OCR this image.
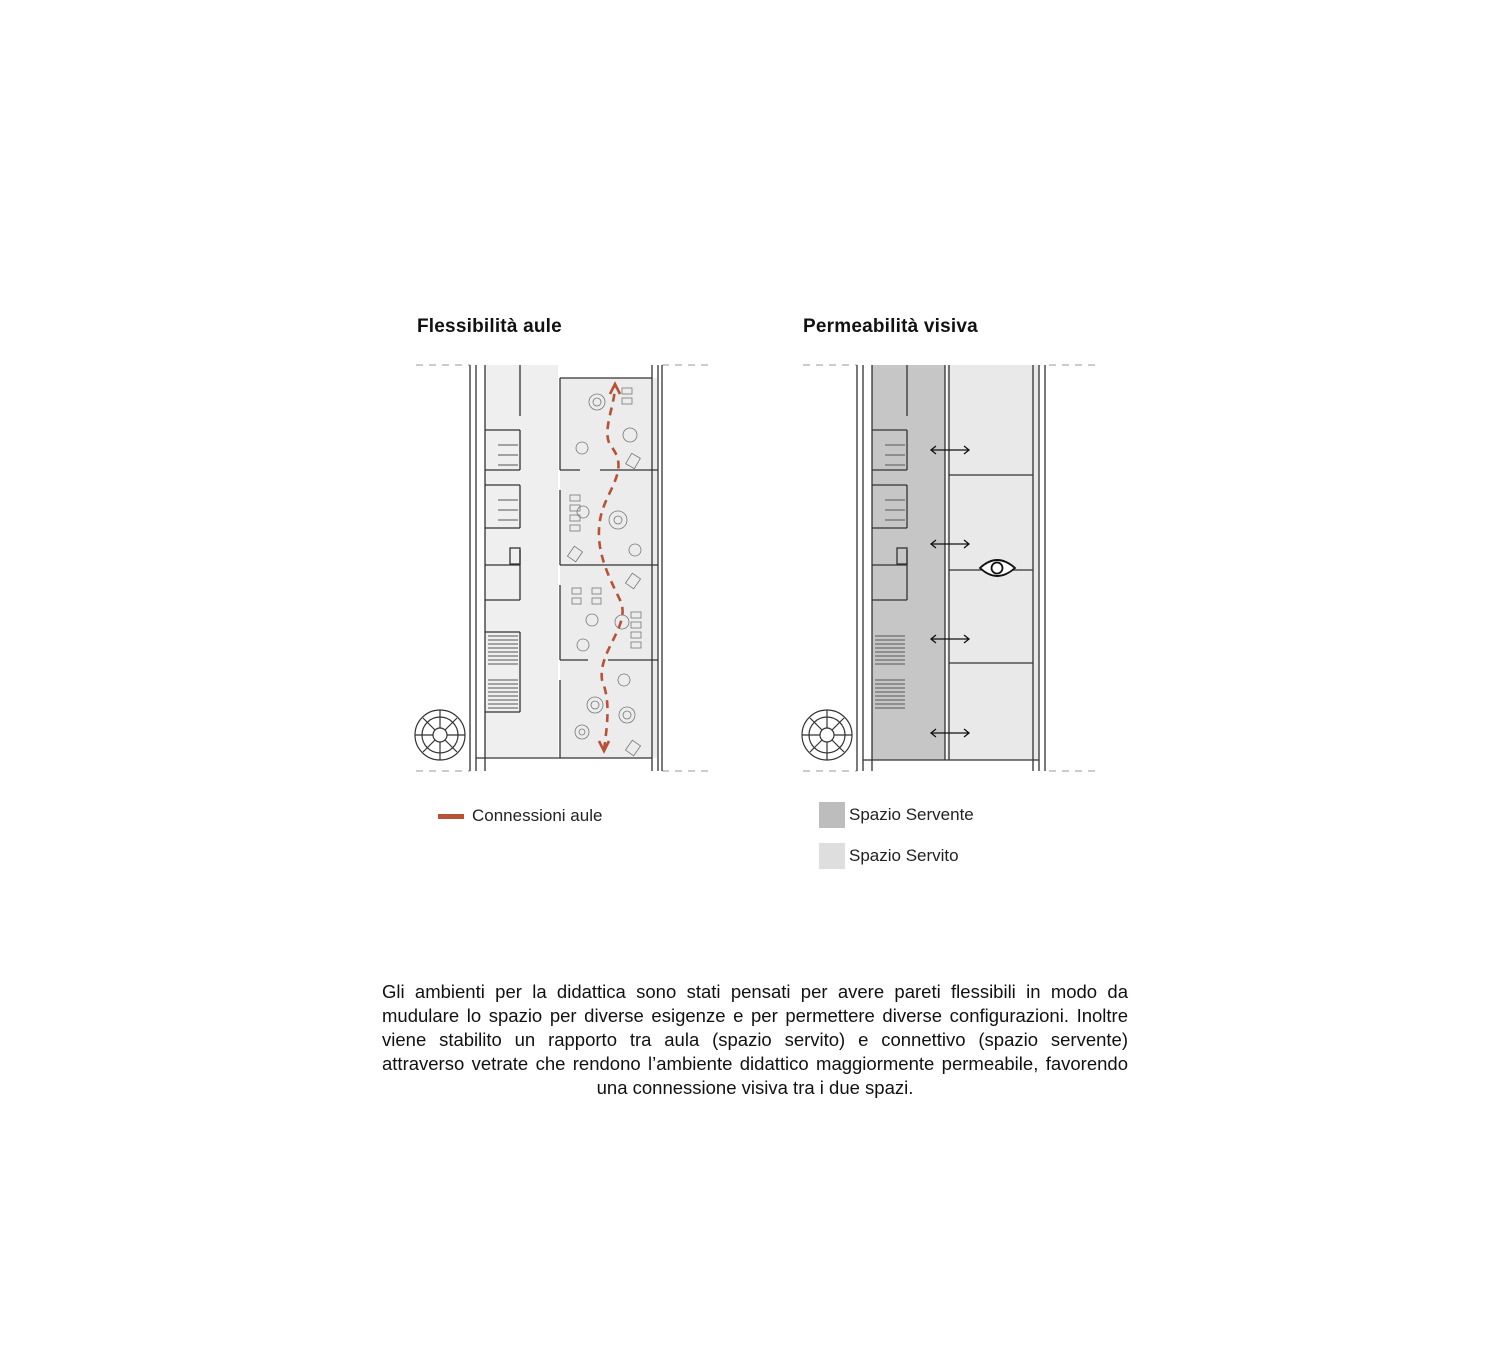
Flessibilità aule	Permeabilità visiva
Connessioni aule	Spazio Servente
Spazio Servito
Gli ambienti per la didattica sono stati pensati per avere pareti flessibili in modo da mudulare lo spazio per diverse esigenze e per permettere diverse configurazioni. Inoltre viene stabilito un rapporto tra aula (spazio servito) e connettivo (spazio servente) attraverso vetrate che rendono l’ambiente didattico maggiormente permeabile, favorendo una connessione visiva tra i due spazi.
